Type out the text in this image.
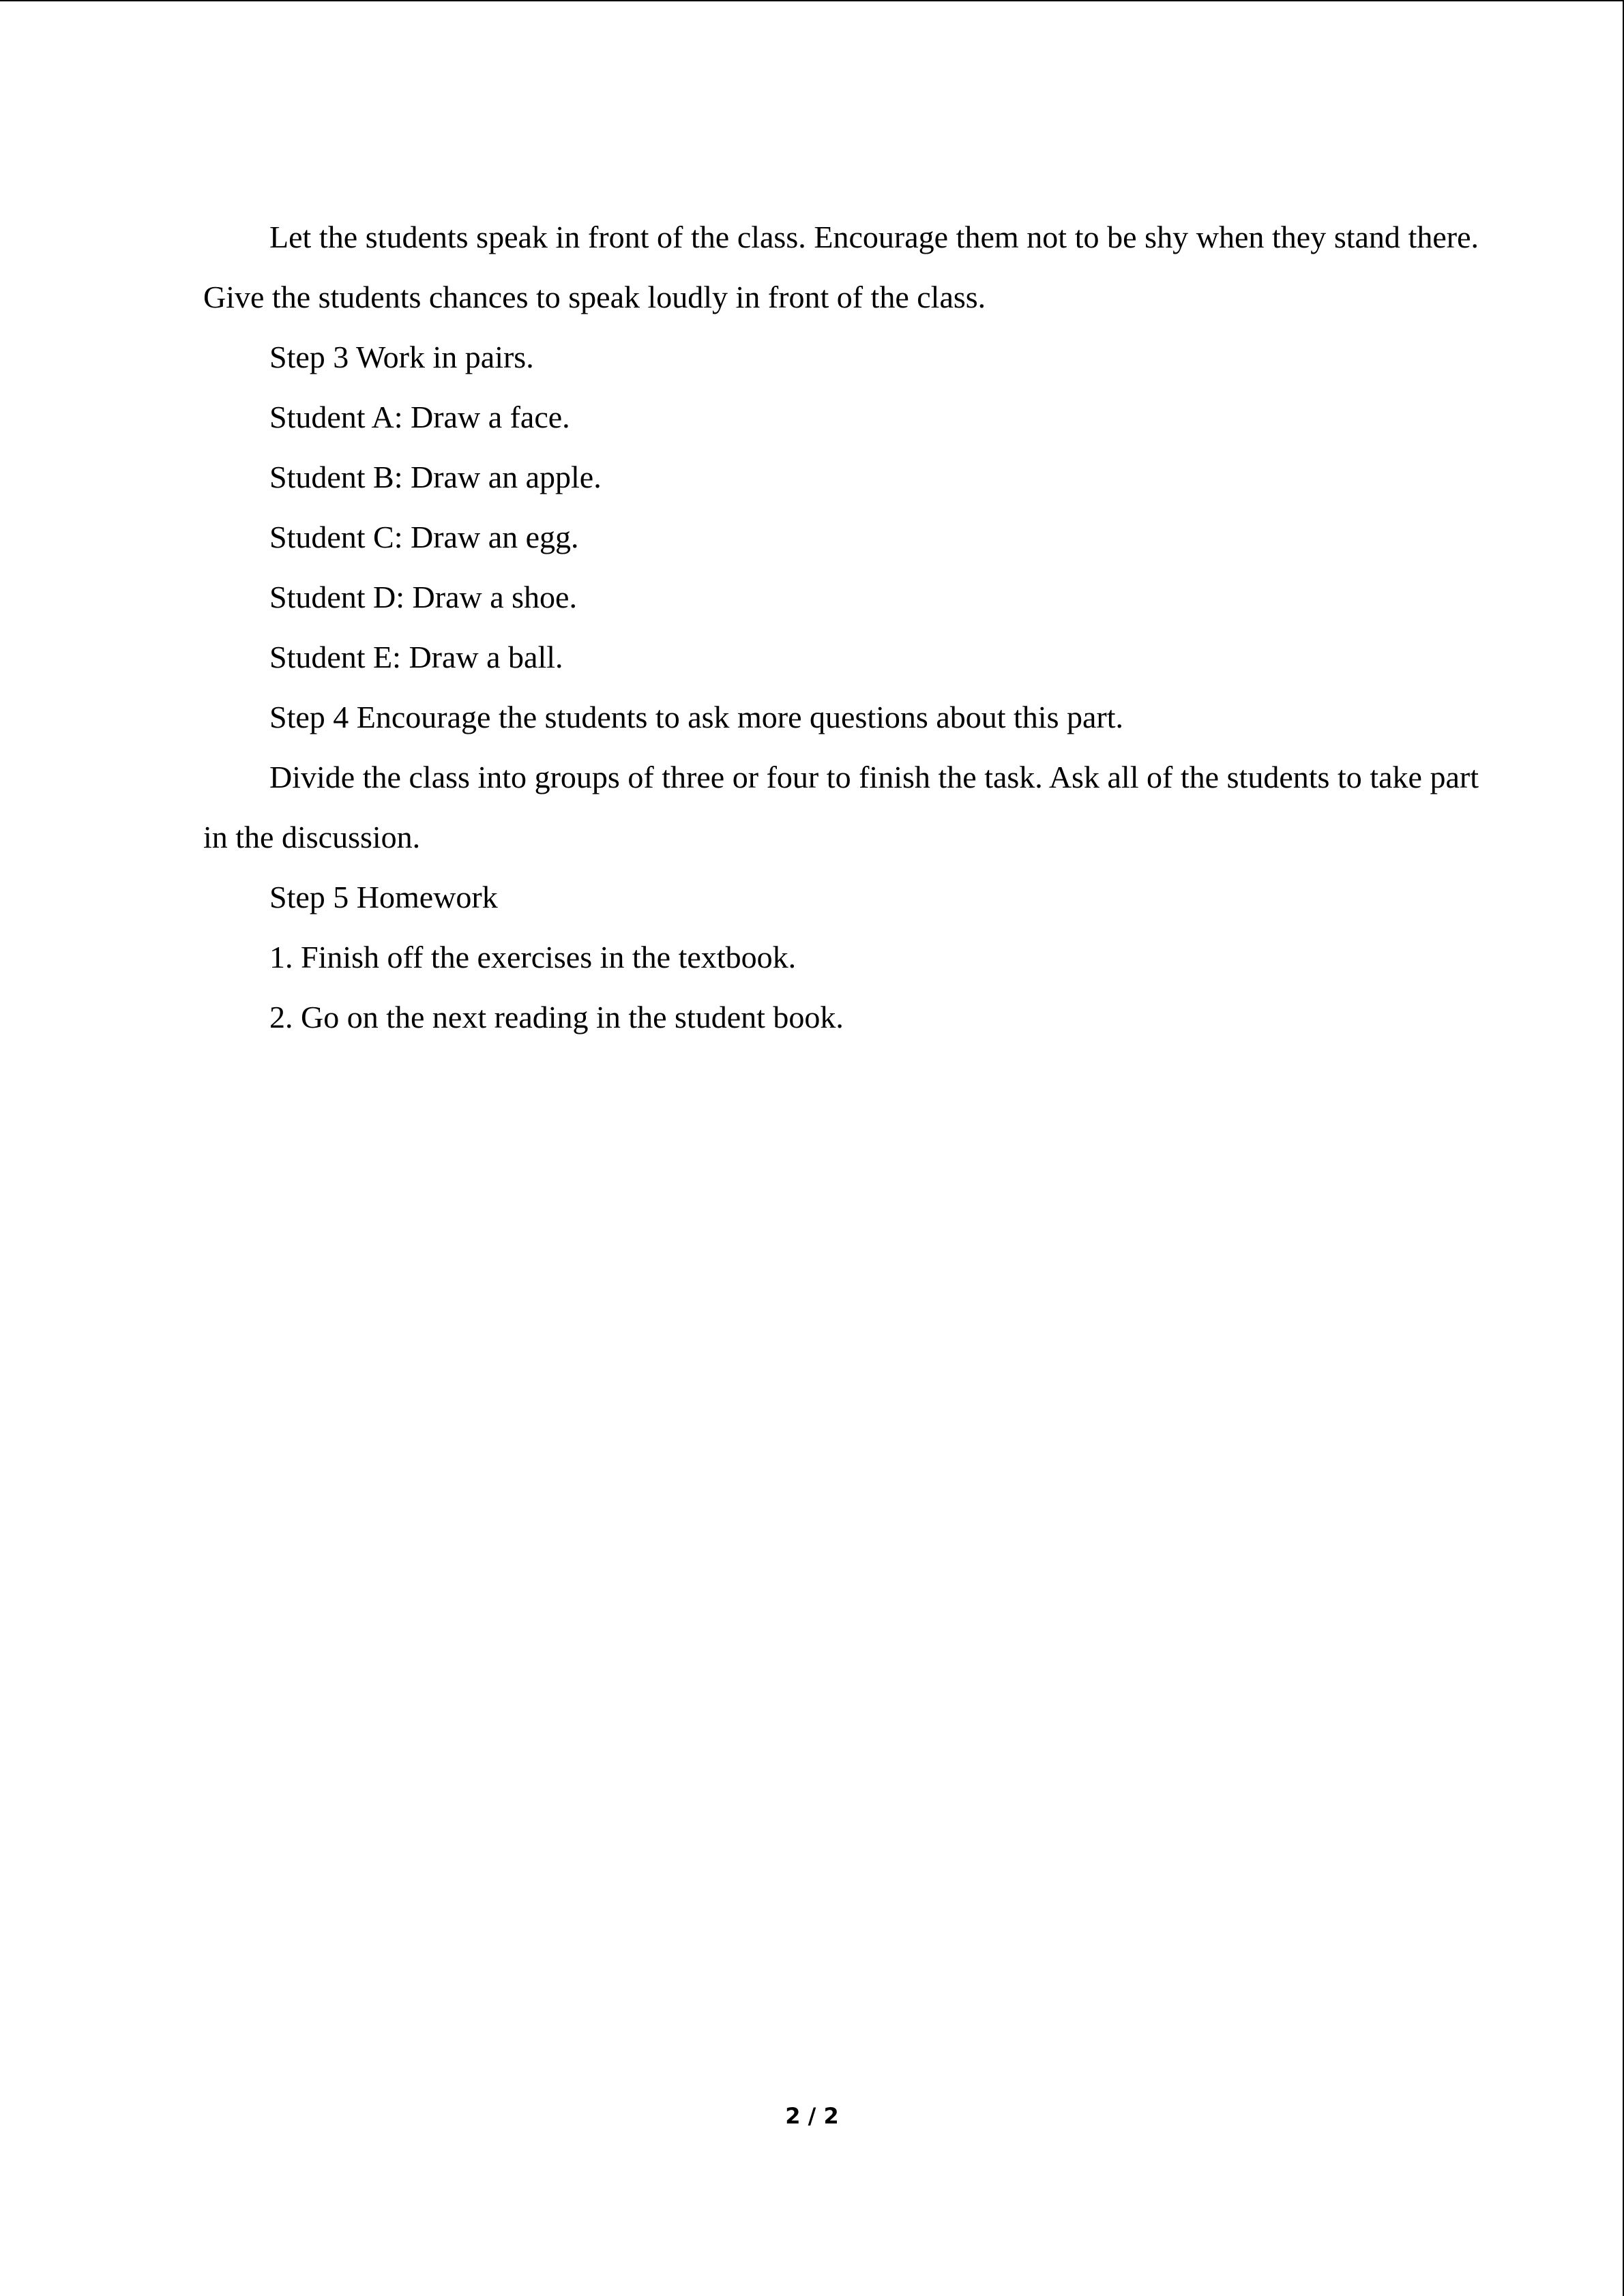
Let the students speak in front of the class. Encourage them not to be shy when they stand there. Give the students chances to speak loudly in front of the class.

Step 3 Work in pairs.

Student A: Draw a face.

Student B: Draw an apple.

Student C: Draw an egg.

Student D: Draw a shoe.

Student E: Draw a ball.

Step 4 Encourage the students to ask more questions about this part.

Divide the class into groups of three or four to finish the task. Ask all of the students to take part in the discussion.

Step 5 Homework

1. Finish off the exercises in the textbook.

2. Go on the next reading in the student book.

2 / 2
